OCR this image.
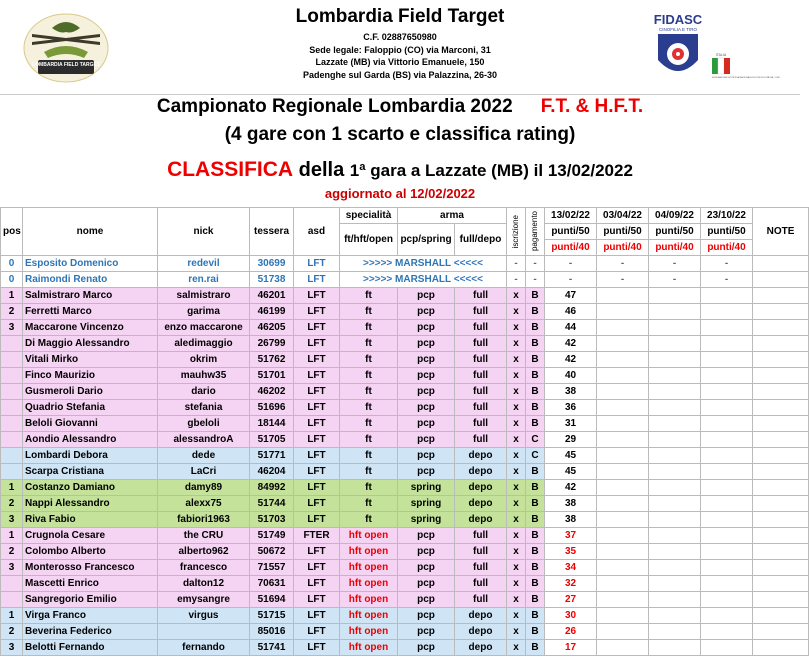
LOMBARDIA FIELD TARGET
Lombardia Field Target
C.F. 02887650980
Sede legale: Faloppio (CO) via Marconi, 31
Lazzate (MB) via Vittorio Emanuele, 150
Padenghe sul Garda (BS) via Palazzina, 26-30
FIDASC
CINOFILIA E TIRO
ITALIA
FEDERAZIONE SPORTIVA NAZIONALE RICONOSCIUTA DAL CONI
Campionato Regionale Lombardia 2022 F.T. & H.F.T.
(4 gare con 1 scarto e classifica rating)
CLASSIFICA della 1ª gara a Lazzate (MB) il 13/02/2022
aggiornato al 12/02/2022
pos	nome	nick	tessera	asd	specialità	arma		iscrizione	pagamento	13/02/22	03/04/22	04/09/22	23/10/22	NOTE
					ft/hft/open	pcp/spring	full/depo			punti/50	punti/50	punti/50	punti/50	
										punti/40	punti/40	punti/40	punti/40	
0	Esposito Domenico	redevil	30699	LFT	>>>>> MARSHALL <<<<<			-	-	-	-	-	-	
0	Raimondi Renato	ren.rai	51738	LFT	>>>>> MARSHALL <<<<<			-	-	-	-	-	-	
1	Salmistraro Marco	salmistraro	46201	LFT	ft	pcp	full	x	B	47				
2	Ferretti Marco	garima	46199	LFT	ft	pcp	full	x	B	46				
3	Maccarone Vincenzo	enzo maccarone	46205	LFT	ft	pcp	full	x	B	44				
	Di Maggio Alessandro	aledimaggio	26799	LFT	ft	pcp	full	x	B	42				
	Vitali Mirko	okrim	51762	LFT	ft	pcp	full	x	B	42				
	Finco Maurizio	mauhw35	51701	LFT	ft	pcp	full	x	B	40				
	Gusmeroli Dario	dario	46202	LFT	ft	pcp	full	x	B	38				
	Quadrio Stefania	stefania	51696	LFT	ft	pcp	full	x	B	36				
	Beloli Giovanni	gbeloli	18144	LFT	ft	pcp	full	x	B	31				
	Aondio Alessandro	alessandroA	51705	LFT	ft	pcp	full	x	C	29				
	Lombardi Debora	dede	51771	LFT	ft	pcp	depo	x	C	45				
	Scarpa Cristiana	LaCri	46204	LFT	ft	pcp	depo	x	B	45				
1	Costanzo Damiano	damy89	84992	LFT	ft	spring	depo	x	B	42				
2	Nappi Alessandro	alexx75	51744	LFT	ft	spring	depo	x	B	38				
3	Riva Fabio	fabiori1963	51703	LFT	ft	spring	depo	x	B	38				
1	Crugnola Cesare	the CRU	51749	FTER	hft open	pcp	full	x	B	37				
2	Colombo Alberto	alberto962	50672	LFT	hft open	pcp	full	x	B	35				
3	Monterosso Francesco	francesco	71557	LFT	hft open	pcp	full	x	B	34				
	Mascetti Enrico	dalton12	70631	LFT	hft open	pcp	full	x	B	32				
	Sangregorio Emilio	emysangre	51694	LFT	hft open	pcp	full	x	B	27				
1	Virga Franco	virgus	51715	LFT	hft open	pcp	depo	x	B	30				
2	Beverina Federico		85016	LFT	hft open	pcp	depo	x	B	26				
3	Belotti Fernando	fernando	51741	LFT	hft open	pcp	depo	x	B	17				
